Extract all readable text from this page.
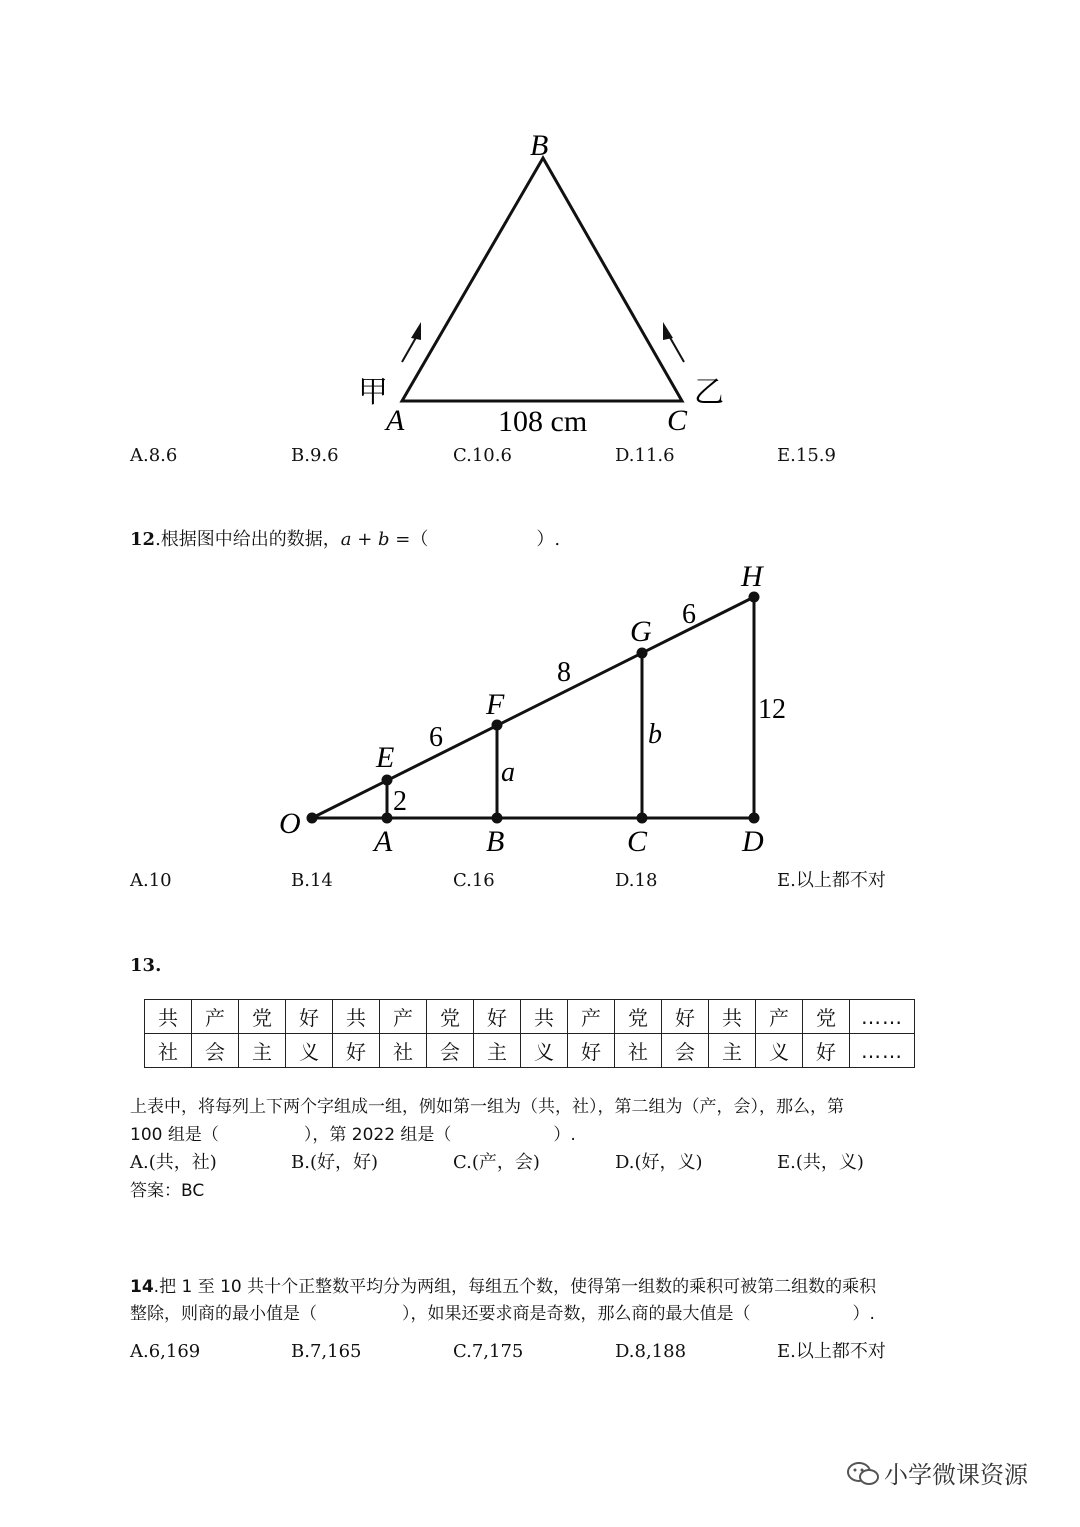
B
A	C
甲	乙
108 cm
A.8.6	B.9.6	C.10.6	D.11.6	E.15.9
12.根据图中给出的数据，a + b =（　　　　　　）.
O
A	B	C	D
E
F
G
H
6
8
6
2
a
b
12
A.10	B.14	C.16	D.18	E.以上都不对
13.
共	产	党	好	共	产	党	好	共	产	党	好	共	产	党	……
社	会	主	义	好	社	会	主	义	好	社	会	主	义	好	……
上表中，将每列上下两个字组成一组，例如第一组为（共，社），第二组为（产，会），那么，第
100 组是（　　　　　），第 2022 组是（　　　　　　）.
A.(共，社)	B.(好，好)	C.(产，会)	D.(好，义)	E.(共，义)
答案：BC
14.把 1 至 10 共十个正整数平均分为两组，每组五个数，使得第一组数的乘积可被第二组数的乘积
整除，则商的最小值是（　　　　　），如果还要求商是奇数，那么商的最大值是（　　　　　　）.
A.6,169	B.7,165	C.7,175	D.8,188	E.以上都不对
小学微课资源
